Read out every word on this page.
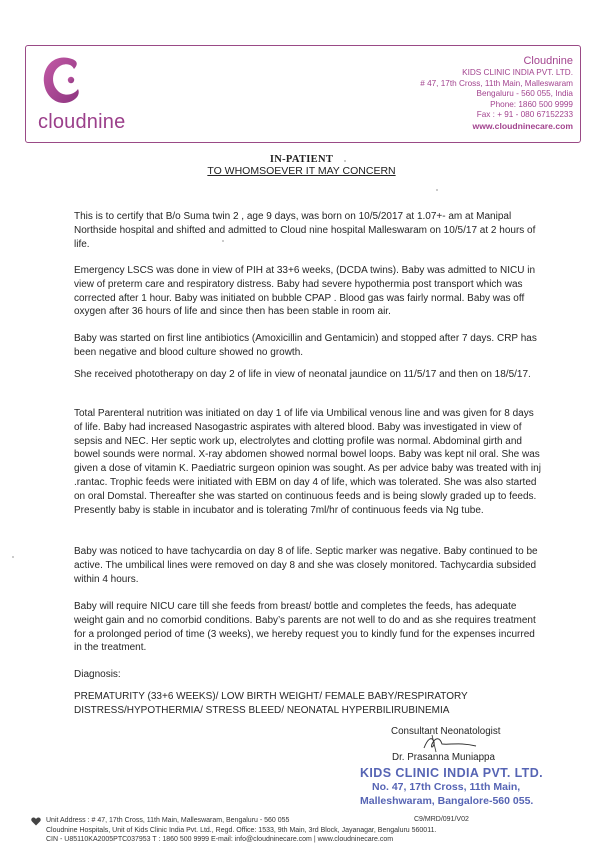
cloudnine
Cloudnine
KIDS CLINIC INDIA PVT. LTD.
# 47, 17th Cross, 11th Main, Malleswaram
Bengaluru - 560 055, India
Phone: 1860 500 9999
Fax : + 91 - 080 67152233
www.cloudninecare.com
IN-PATIENT
TO WHOMSOEVER IT MAY CONCERN

This is to certify that B/o Suma twin 2 , age 9 days, was born on 10/5/2017 at 1.07+- am at Manipal Northside hospital and shifted and admitted to Cloud nine hospital Malleswaram on 10/5/17 at 2 hours of life.

Emergency LSCS was done in view of PIH at 33+6 weeks, (DCDA twins). Baby was admitted to NICU in view of preterm care and respiratory distress. Baby had severe hypothermia post transport which was corrected after 1 hour. Baby was initiated on bubble CPAP . Blood gas was fairly normal. Baby was off oxygen after 36 hours of life and since then has been stable in room air.

Baby was started on first line antibiotics (Amoxicillin and Gentamicin) and stopped after 7 days. CRP has been negative and blood culture showed no growth.

She received phototherapy on day 2 of life in view of neonatal jaundice on 11/5/17 and then on 18/5/17.

Total Parenteral nutrition was initiated on day 1 of life via Umbilical venous line and was given for 8 days of life. Baby had increased Nasogastric aspirates with altered blood. Baby was investigated in view of sepsis and NEC. Her septic work up, electrolytes and clotting profile was normal. Abdominal girth and bowel sounds were normal. X-ray abdomen showed normal bowel loops. Baby was kept nil oral. She was given a dose of vitamin K. Paediatric surgeon opinion was sought. As per advice baby was treated with inj .rantac. Trophic feeds were initiated with EBM on day 4 of life, which was tolerated. She was also started on oral Domstal. Thereafter she was started on continuous feeds and is being slowly graded up to feeds. Presently baby is stable in incubator and is tolerating 7ml/hr of continuous feeds via Ng tube.

Baby was noticed to have tachycardia on day 8 of life. Septic marker was negative. Baby continued to be active. The umbilical lines were removed on day 8 and she was closely monitored. Tachycardia subsided within 4 hours.

Baby will require NICU care till she feeds from breast/ bottle and completes the feeds, has adequate weight gain and no comorbid conditions. Baby’s parents are not well to do and as she requires treatment for a prolonged period of time (3 weeks), we hereby request you to kindly fund for the expenses incurred in the treatment.

Diagnosis:

PREMATURITY (33+6 WEEKS)/ LOW BIRTH WEIGHT/ FEMALE BABY/RESPIRATORY DISTRESS/HYPOTHERMIA/ STRESS BLEED/ NEONATAL HYPERBILIRUBINEMIA

Consultant Neonatologist
Dr. Prasanna Muniappa
KIDS CLINIC INDIA PVT. LTD.
No. 47, 17th Cross, 11th Main,
Malleshwaram, Bangalore-560 055.
Unit Address : # 47, 17th Cross, 11th Main, Malleswaram, Bengaluru - 560 055
Cloudnine Hospitals, Unit of Kids Clinic India Pvt. Ltd., Regd. Office: 1533, 9th Main, 3rd Block, Jayanagar, Bengaluru 560011.
CIN - U85110KA2005PTC037953 T : 1860 500 9999 E-mail: info@cloudninecare.com | www.cloudninecare.com
C9/MRD/091/V02
